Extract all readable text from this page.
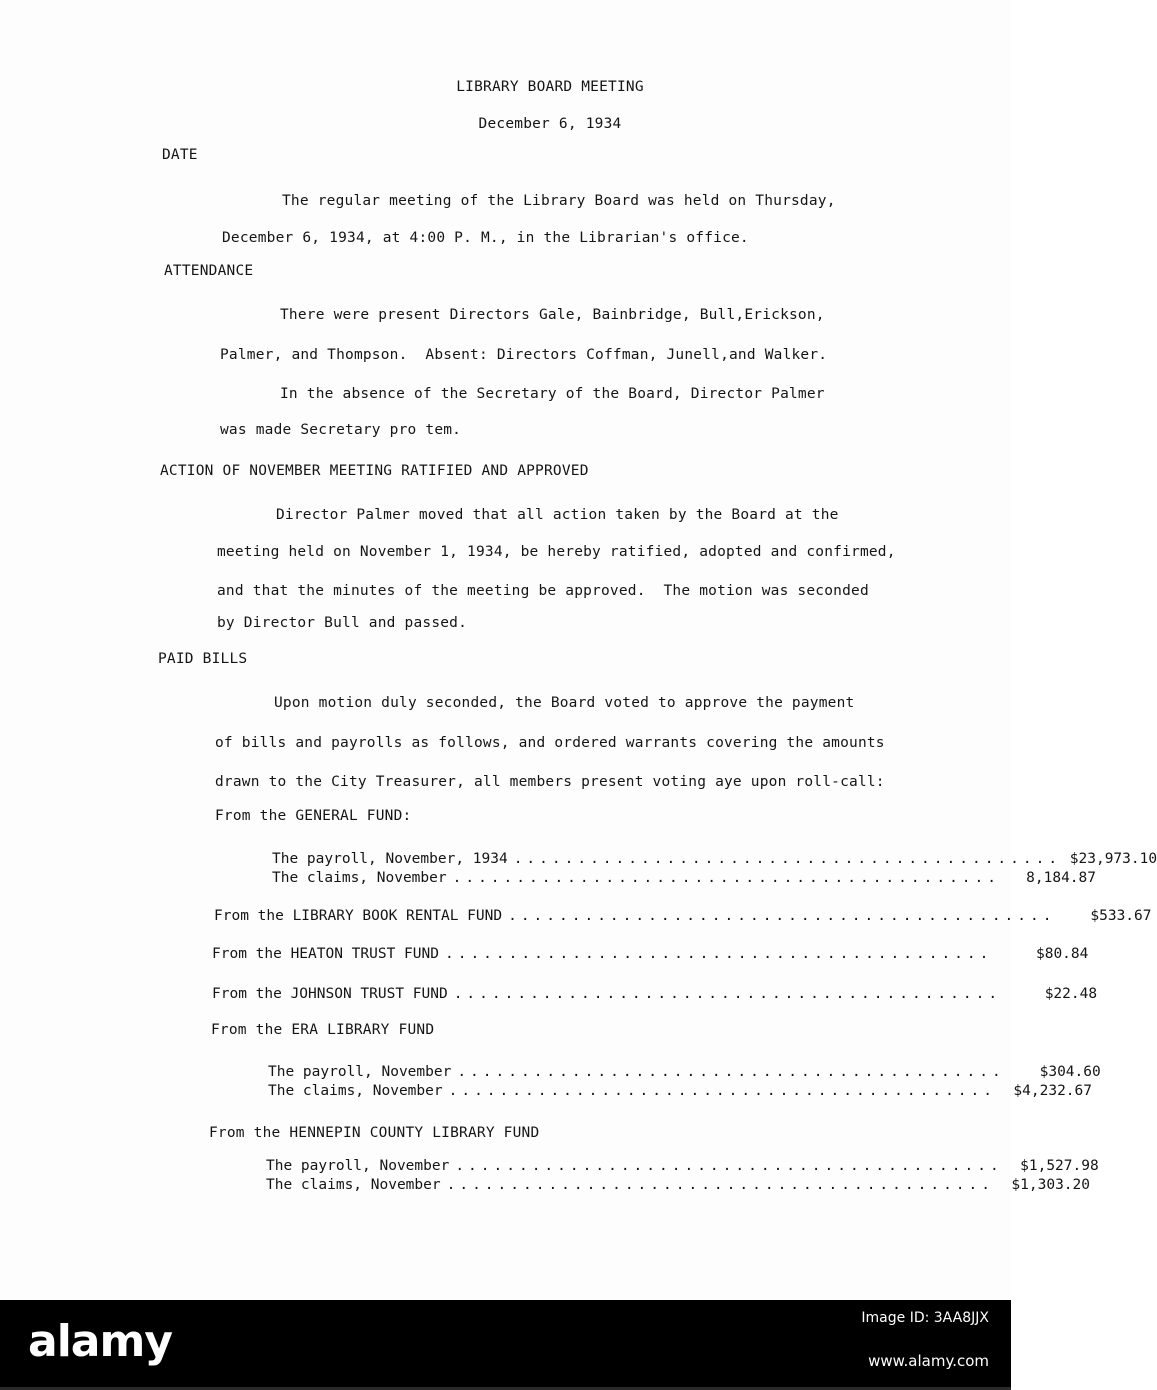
LIBRARY BOARD MEETING
December 6, 1934
DATE
The regular meeting of the Library Board was held on Thursday,
December 6, 1934, at 4:00 P. M., in the Librarian's office.
ATTENDANCE
There were present Directors Gale, Bainbridge, Bull,Erickson,
Palmer, and Thompson.  Absent: Directors Coffman, Junell,and Walker.
In the absence of the Secretary of the Board, Director Palmer
was made Secretary pro tem.
ACTION OF NOVEMBER MEETING RATIFIED AND APPROVED
Director Palmer moved that all action taken by the Board at the
meeting held on November 1, 1934, be hereby ratified, adopted and confirmed,
and that the minutes of the meeting be approved.  The motion was seconded
by Director Bull and passed.
PAID BILLS
Upon motion duly seconded, the Board voted to approve the payment
of bills and payrolls as follows, and ordered warrants covering the amounts
drawn to the City Treasurer, all members present voting aye upon roll-call:
From the GENERAL FUND:
The payroll, November, 1934 ........................................... $23,973.10
The claims, November ...........................................	8,184.87
From the LIBRARY BOOK RENTAL FUND ...........................................	$533.67
From the HEATON TRUST FUND ...........................................	$80.84
From the JOHNSON TRUST FUND ...........................................	$22.48
From the ERA LIBRARY FUND
The payroll, November ...........................................	$304.60
The claims, November ...........................................	$4,232.67
From the HENNEPIN COUNTY LIBRARY FUND
The payroll, November ...........................................	$1,527.98
The claims, November ...........................................	$1,303.20
alamy	Image ID: 3AA8JJX
www.alamy.com
